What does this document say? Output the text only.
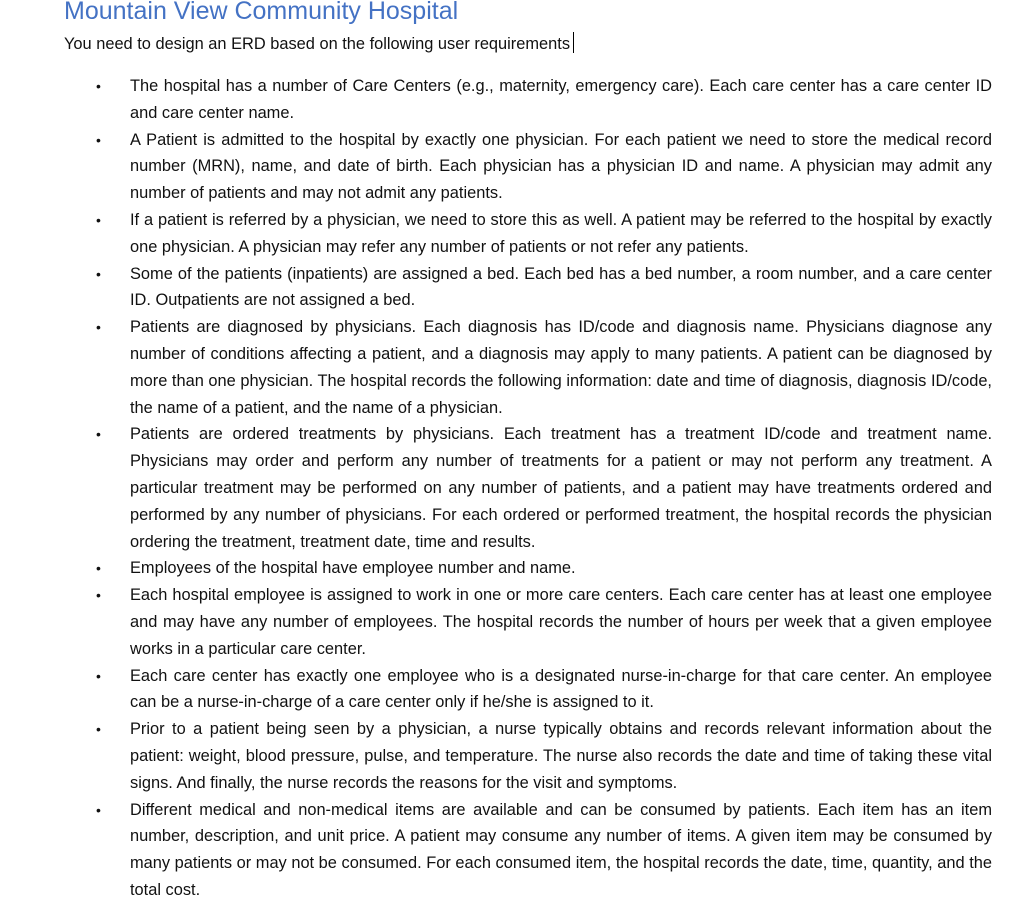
Mountain View Community Hospital

You need to design an ERD based on the following user requirements

• The hospital has a number of Care Centers (e.g., maternity, emergency care). Each care center has a care center ID and care center name.
• A Patient is admitted to the hospital by exactly one physician. For each patient we need to store the medical record number (MRN), name, and date of birth. Each physician has a physician ID and name. A physician may admit any number of patients and may not admit any patients.
• If a patient is referred by a physician, we need to store this as well. A patient may be referred to the hospital by exactly one physician. A physician may refer any number of patients or not refer any patients.
• Some of the patients (inpatients) are assigned a bed. Each bed has a bed number, a room number, and a care center ID. Outpatients are not assigned a bed.
• Patients are diagnosed by physicians. Each diagnosis has ID/code and diagnosis name. Physicians diagnose any number of conditions affecting a patient, and a diagnosis may apply to many patients. A patient can be diagnosed by more than one physician. The hospital records the following information: date and time of diagnosis, diagnosis ID/code, the name of a patient, and the name of a physician.
• Patients are ordered treatments by physicians. Each treatment has a treatment ID/code and treatment name. Physicians may order and perform any number of treatments for a patient or may not perform any treatment. A particular treatment may be performed on any number of patients, and a patient may have treatments ordered and performed by any number of physicians. For each ordered or performed treatment, the hospital records the physician ordering the treatment, treatment date, time and results.
• Employees of the hospital have employee number and name.
• Each hospital employee is assigned to work in one or more care centers. Each care center has at least one employee and may have any number of employees. The hospital records the number of hours per week that a given employee works in a particular care center.
• Each care center has exactly one employee who is a designated nurse-in-charge for that care center. An employee can be a nurse-in-charge of a care center only if he/she is assigned to it.
• Prior to a patient being seen by a physician, a nurse typically obtains and records relevant information about the patient: weight, blood pressure, pulse, and temperature. The nurse also records the date and time of taking these vital signs. And finally, the nurse records the reasons for the visit and symptoms.
• Different medical and non-medical items are available and can be consumed by patients. Each item has an item number, description, and unit price. A patient may consume any number of items. A given item may be consumed by many patients or may not be consumed. For each consumed item, the hospital records the date, time, quantity, and the total cost.
